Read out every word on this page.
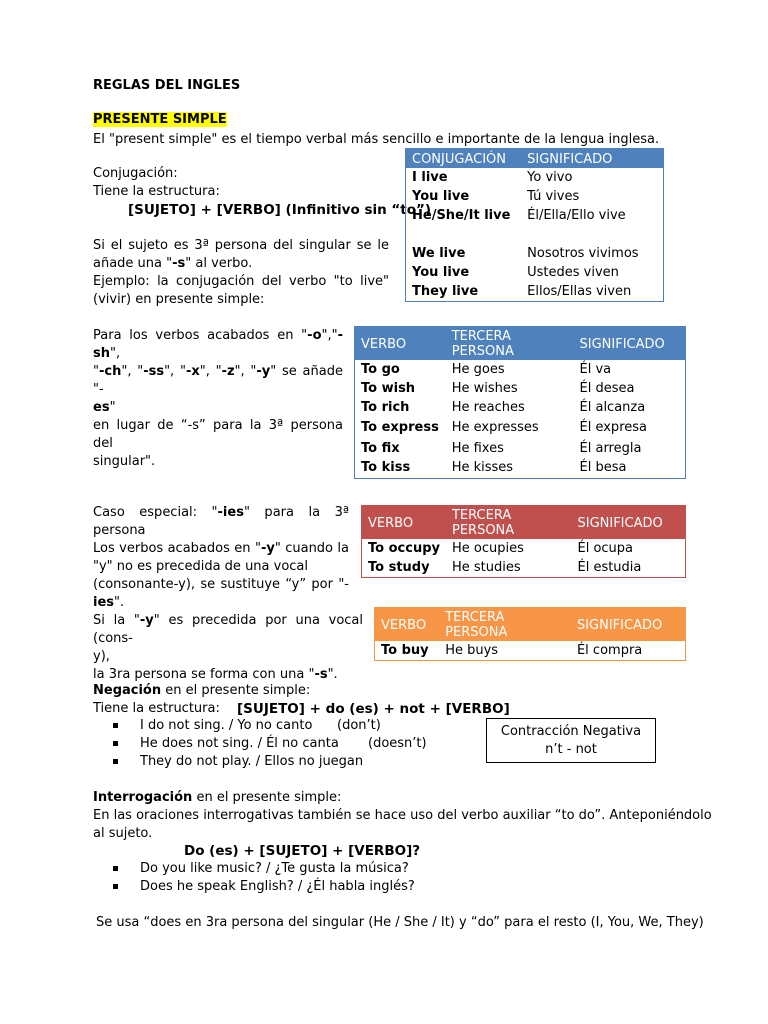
REGLAS DEL INGLES
PRESENTE SIMPLE
El "present simple" es el tiempo verbal más sencillo e importante de la lengua inglesa.
Conjugación:
Tiene la estructura:
[SUJETO] + [VERBO] (Infinitivo sin “to”)
Si el sujeto es 3ª persona del singular se le
añade una "-s" al verbo.
Ejemplo: la conjugación del verbo "to live"
(vivir) en presente simple:
CONJUGACIÓN	SIGNIFICADO
I live	Yo vivo
You live	Tú vives
He/She/It live	Él/Ella/Ello vive

We live	Nosotros vivimos
You live	Ustedes viven
They live	Ellos/Ellas viven
Para los verbos acabados en "-o","-sh",
"-ch", "-ss", "-x", "-z", "-y" se añade "-
es"
en lugar de “-s” para la 3ª persona del
singular".
VERBO	TERCERA PERSONA	SIGNIFICADO
To go	He goes	Él va
To wish	He wishes	Él desea
To rich	He reaches	Él alcanza
To express	He expresses	Él expresa
To fix	He fixes	Él arregla
To kiss	He kisses	Él besa
Caso especial: "-ies" para la 3ª persona
Los verbos acabados en "-y" cuando la
"y" no es precedida de una vocal
(consonante-y), se sustituye “y” por "-
ies".
VERBO	TERCERA PERSONA	SIGNIFICADO
To occupy	He ocupies	Él ocupa
To study	He studies	Él estudia
Si la "-y" es precedida por una vocal (cons-
y),
la 3ra persona se forma con una "-s".
VERBO	TERCERA PERSONA	SIGNIFICADO
To buy	He buys	Él compra
Negación en el presente simple:
Tiene la estructura: [SUJETO] + do (es) + not + [VERBO]
I do not sing. / Yo no canto (don’t)
He does not sing. / Él no canta (doesn’t)
They do not play. / Ellos no juegan
Contracción Negativa
n’t - not
Interrogación en el presente simple:
En las oraciones interrogativas también se hace uso del verbo auxiliar “to do”. Anteponiéndolo
al sujeto.
Do (es) + [SUJETO] + [VERBO]?
Do you like music? / ¿Te gusta la música?
Does he speak English? / ¿Él habla inglés?
Se usa “does en 3ra persona del singular (He / She / It) y “do” para el resto (I, You, We, They)
